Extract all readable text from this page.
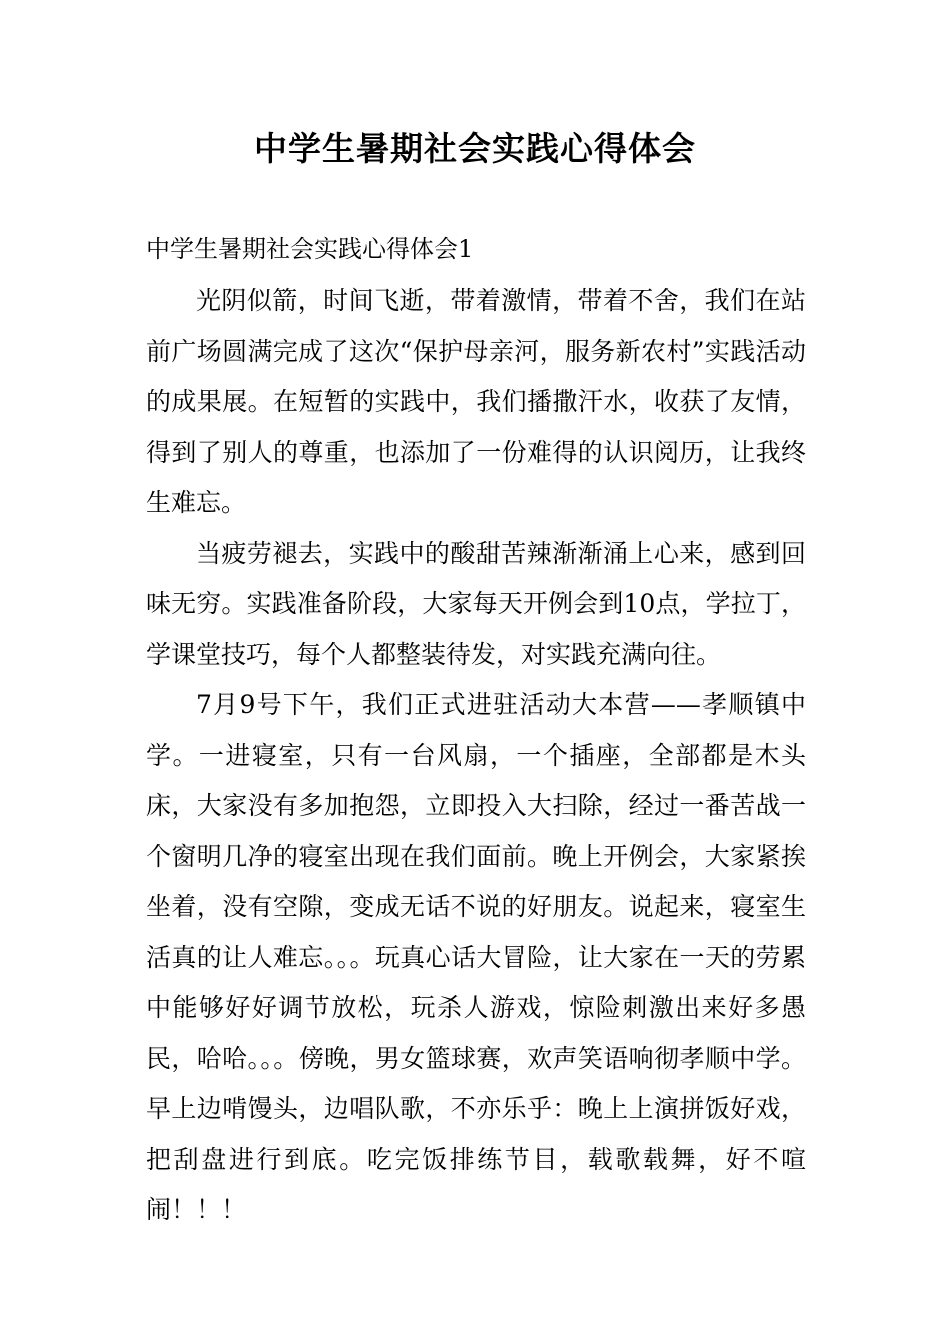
中学生暑期社会实践心得体会
中学生暑期社会实践心得体会1

光阴似箭，时间飞逝，带着激情，带着不舍，我们在站前广场圆满完成了这次“保护母亲河，服务新农村”实践活动的成果展。在短暂的实践中，我们播撒汗水，收获了友情，得到了别人的尊重，也添加了一份难得的认识阅历，让我终生难忘。

当疲劳褪去，实践中的酸甜苦辣渐渐涌上心来，感到回味无穷。实践准备阶段，大家每天开例会到10点，学拉丁，学课堂技巧，每个人都整装待发，对实践充满向往。

7月9号下午，我们正式进驻活动大本营——孝顺镇中学。一进寝室，只有一台风扇，一个插座，全部都是木头床，大家没有多加抱怨，立即投入大扫除，经过一番苦战一个窗明几净的寝室出现在我们面前。晚上开例会，大家紧挨坐着，没有空隙，变成无话不说的好朋友。说起来，寝室生活真的让人难忘。。。玩真心话大冒险，让大家在一天的劳累中能够好好调节放松，玩杀人游戏，惊险刺激出来好多愚民，哈哈。。。傍晚，男女篮球赛，欢声笑语响彻孝顺中学。早上边啃馒头，边唱队歌，不亦乐乎：晚上上演拼饭好戏，把刮盘进行到底。吃完饭排练节目，载歌载舞，好不喧闹！！！
